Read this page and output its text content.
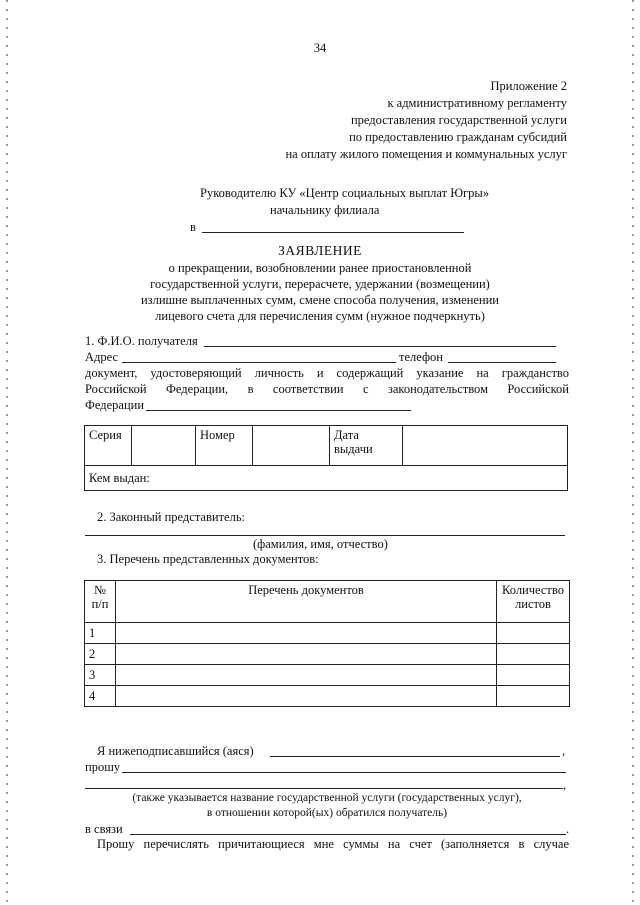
34

Приложение 2

к административному регламенту

предоставления государственной услуги

по предоставлению гражданам субсидий

на оплату жилого помещения и коммунальных услуг

Руководителю КУ «Центр социальных выплат Югры»

начальнику филиала

в

ЗАЯВЛЕНИЕ

о прекращении, возобновлении ранее приостановленной

государственной услуги, перерасчете, удержании (возмещении)

излишне выплаченных сумм, смене способа получения, изменении

лицевого счета для перечисления сумм (нужное подчеркнуть)

1. Ф.И.О. получателя

Адрес	телефон

документ, удостоверяющий личность и содержащий указание на гражданство

Российской Федерации, в соответствии с законодательством Российской

Федерации

Серия		Номер		Дата
выдачи	
Кем выдан:

2. Законный представитель:

(фамилия, имя, отчество)

3. Перечень представленных документов:

№
п/п	Перечень документов	Количество
листов
1		
2		
3		
4		

Я нижеподписавшийся (аяся)	,

прошу

,

(также указывается название государственной услуги (государственных услуг),

в отношении которой(ых) обратился получатель)

в связи	.

Прошу перечислять причитающиеся мне суммы на счет (заполняется в случае
